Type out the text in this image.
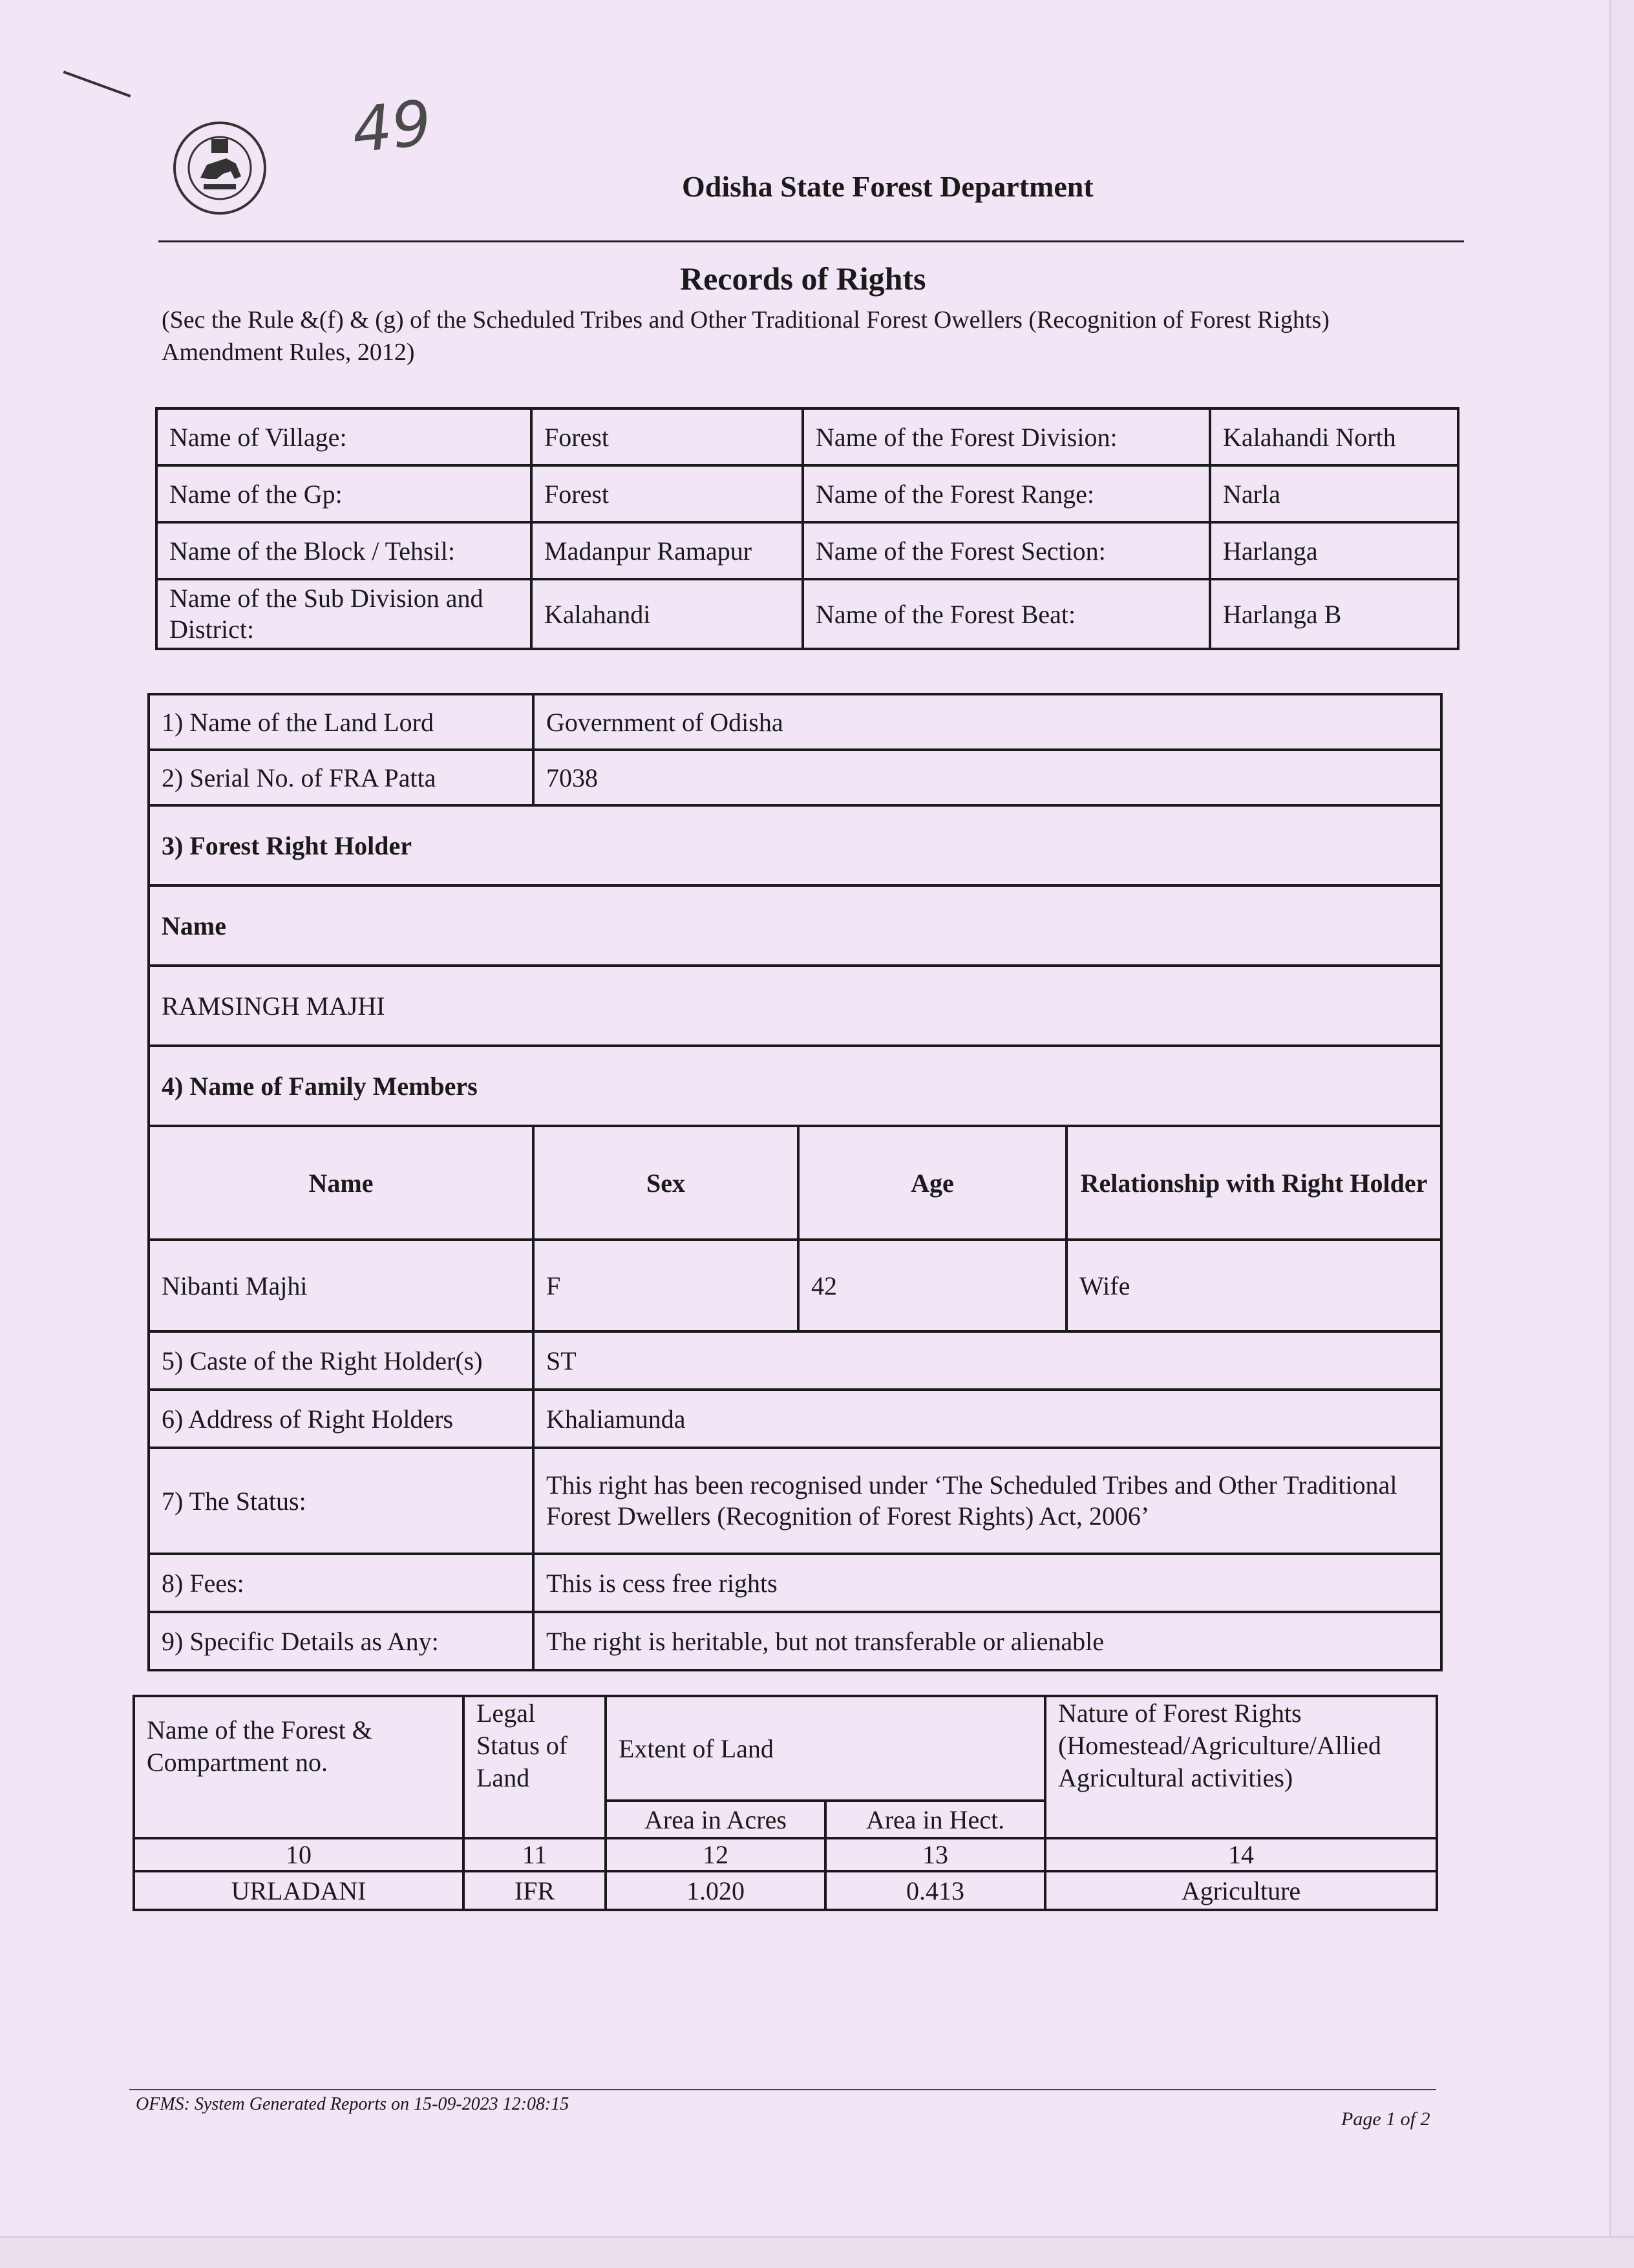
49
Odisha State Forest Department
Records of Rights
(Sec the Rule &(f) & (g) of the Scheduled Tribes and Other Traditional Forest Owellers (Recognition of Forest Rights) Amendment Rules, 2012)
Name of Village:	Forest	Name of the Forest Division:	Kalahandi North
Name of the Gp:	Forest	Name of the Forest Range:	Narla
Name of the Block / Tehsil:	Madanpur Ramapur	Name of the Forest Section:	Harlanga
Name of the Sub Division and District:	Kalahandi	Name of the Forest Beat:	Harlanga B
1) Name of the Land Lord	Government of Odisha		
2) Serial No. of FRA Patta	7038		
3) Forest Right Holder			
Name			
RAMSINGH MAJHI			
4) Name of Family Members			
Name	Sex	Age	Relationship with Right Holder
Nibanti Majhi	F	42	Wife
5) Caste of the Right Holder(s)	ST		
6) Address of Right Holders	Khaliamunda		
7) The Status:	This right has been recognised under ‘The Scheduled Tribes and Other Traditional
Forest Dwellers (Recognition of Forest Rights) Act, 2006’		

8) Fees:	This is cess free rights		
9) Specific Details as Any:	The right is heritable, but not transferable or alienable		
Name of the Forest & Compartment no.	Legal Status of Land	Extent of Land		Nature of Forest Rights (Homestead/Agriculture/Allied Agricultural activities)
		Area in Acres	Area in Hect.	
10	11	12	13	14
URLADANI	IFR	1.020	0.413	Agriculture
OFMS: System Generated Reports on 15-09-2023 12:08:15
Page 1 of 2
